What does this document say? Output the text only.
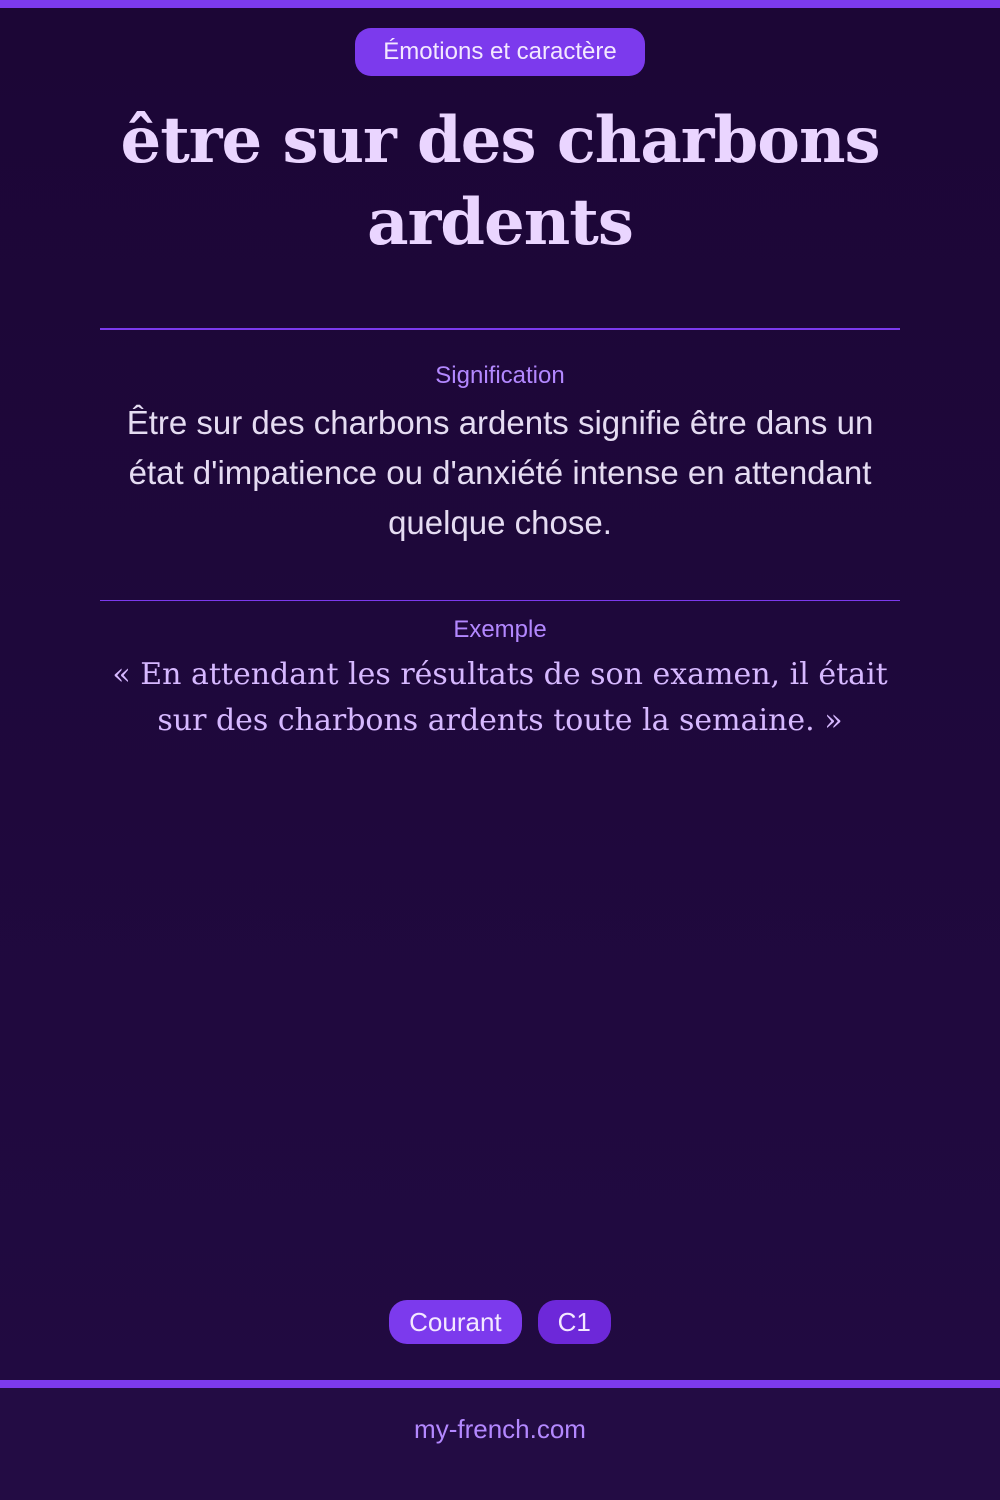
Émotions et caractère
être sur des charbons ardents
Signification

Être sur des charbons ardents signifie être dans un état d'impatience ou d'anxiété intense en attendant quelque chose.

Exemple

« En attendant les résultats de son examen, il était sur des charbons ardents toute la semaine. »

Courant	C1
my-french.com
